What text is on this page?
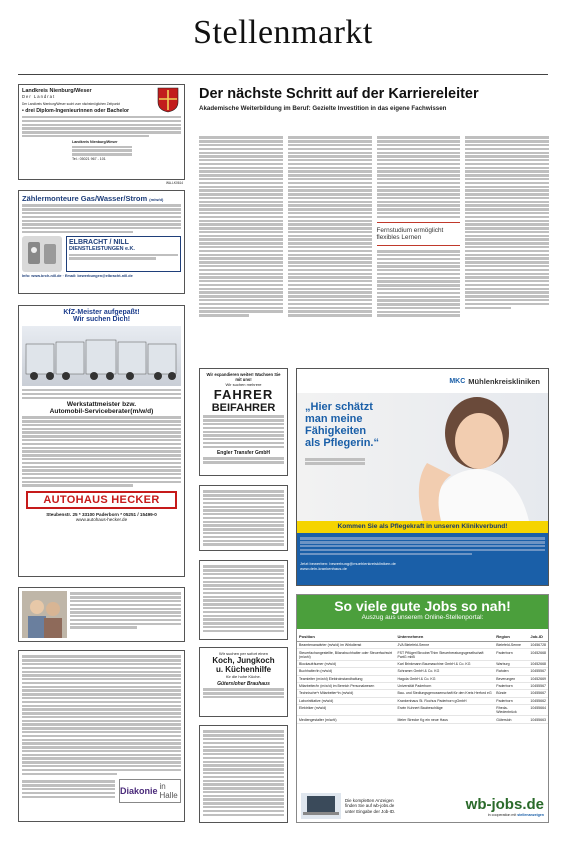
Stellenmarkt
Landkreis Nienburg/Weser
Der Landrat
Der Landkreis Nienburg/Weser sucht zum nächstmöglichen Zeitpunkt
• drei Diplom-Ingenieurinnen oder Bachelor
Landkreis Nienburg/Weser
Tel.: 05021 967 - 101
WA-LK0614
Zählermonteure Gas/Wasser/Strom (m/w/d)
ELBRACHT / NILL
DIENSTLEISTUNGEN e.K.
Info: www.brch-nill.de · Email: bewerbungen@elbracht-nill.de
KfZ-Meister aufgepaßt!
Wir suchen Dich!
Werkstattmeister bzw.
Automobil-Serviceberater(m/w/d)
AUTOHAUS HECKER
Steubenstr. 25 * 33100 Paderborn * 05251 / 15499-0
www.autohaus-hecker.de
Diakonie in Halle
Der nächste Schritt auf der Karriereleiter
Akademische Weiterbildung im Beruf: Gezielte Investition in das eigene Fachwissen
Fernstudium ermöglicht
flexibles Lernen
Wir expandieren weiter! Wachsen Sie mit uns!
Wir suchen mehrere
FAHRER
BEIFAHRER
Engler Transfer GmbH
Wir suchen per sofort einen
Koch, Jungkoch
u. Küchenhilfe
für die hohe Küche.
Gütersloher Brauhaus
MKC Mühlenkreiskliniken
„Hier schätzt
man meine
Fähigkeiten
als Pflegerin.“
Kommen Sie als Pflegekraft in unseren Klinikverbund!
Jetzt bewerben: bewerbung@muehlenkreiskliniken.de
www.dein-krankenhaus.de
So viele gute Jobs so nah!
Auszug aus unserem Online-Stellenportal:
Position	Unternehmen	Region	Job-ID
Beamtenanwärter (m/w/d) im Wirkdienst	JVA Bielefeld-Senne	Bielefeld-Senne	10456728
Steuerfachangestellte, Bilanzbuchhalter oder Steuerfachwirt (m/w/d)	FST Pflüger/Stroobe/Thim Steuerberatungsgesellschaft PartG mbB	Paderborn	10452668
Blockaufräumer (m/w/d)	Karl Brinkmann Baumaschine GmbH & Co. KG	Warburg	10452668
Buchhalter/in (m/w/d)	Schramm GmbH & Co. KG	Rahden	10455567
Teamleiter (m/w/d) Elektroinstandhaltung	Hagola GmbH & Co. KG	Beverungen	10452669
Mitarbeiter/in (m/w/d) im Bereich Personalwesen	Universität Paderborn	Paderborn	10455567
Technische*r Mitarbeiter*in (m/w/d)	Bau- und Siedlungsgenossenschaft für den Kreis Herford eG	Bünde	10455667
Laborinitiative (m/w/d)	Krankenhaus St. Rochus Paderborn gGmbH	Paderborn	10455662
Elektriker (m/w/d)	Erwin Kuhnert Baubeschläge	Rheda-Wiedenbrück	10455664
Mediengestalter (m/w/d)	Meier Strecke Kg ein neue Haus	Gütersloh	10455663
Die kompletten Anzeigen
finden Sie auf wb-jobs.de
unter Eingabe der Job-ID.	wb-jobs.de
in cooperation mit stellenanzeigen
